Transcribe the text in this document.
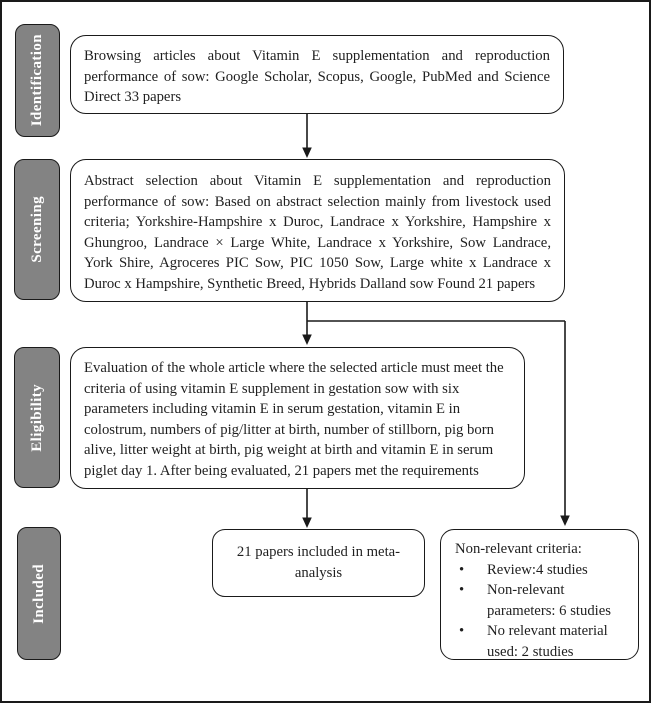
Identification
Screening
Eligibility
Included
Browsing articles about Vitamin E supplementation and reproduction performance of sow: Google Scholar, Scopus, Google, PubMed and Science Direct 33 papers
Abstract selection about Vitamin E supplementation and reproduction performance of sow: Based on abstract selection mainly from livestock used criteria; Yorkshire-Hampshire x Duroc, Landrace x Yorkshire, Hampshire x Ghungroo, Landrace × Large White, Landrace x Yorkshire, Sow Landrace, York Shire, Agroceres PIC Sow, PIC 1050 Sow, Large white x Landrace x Duroc x Hampshire, Synthetic Breed, Hybrids Dalland sow Found 21 papers
Evaluation of the whole article where the selected article must meet the criteria of using vitamin E supplement in gestation sow with six parameters including vitamin E in serum gestation, vitamin E in colostrum, numbers of pig/litter at birth, number of stillborn, pig born alive, litter weight at birth, pig weight at birth and vitamin E in serum piglet day 1. After being evaluated, 21 papers met the requirements
21 papers included in meta-analysis
Non-relevant criteria:
•	Review:4 studies
•	Non-relevant parameters: 6 studies
•	No relevant material used: 2 studies
